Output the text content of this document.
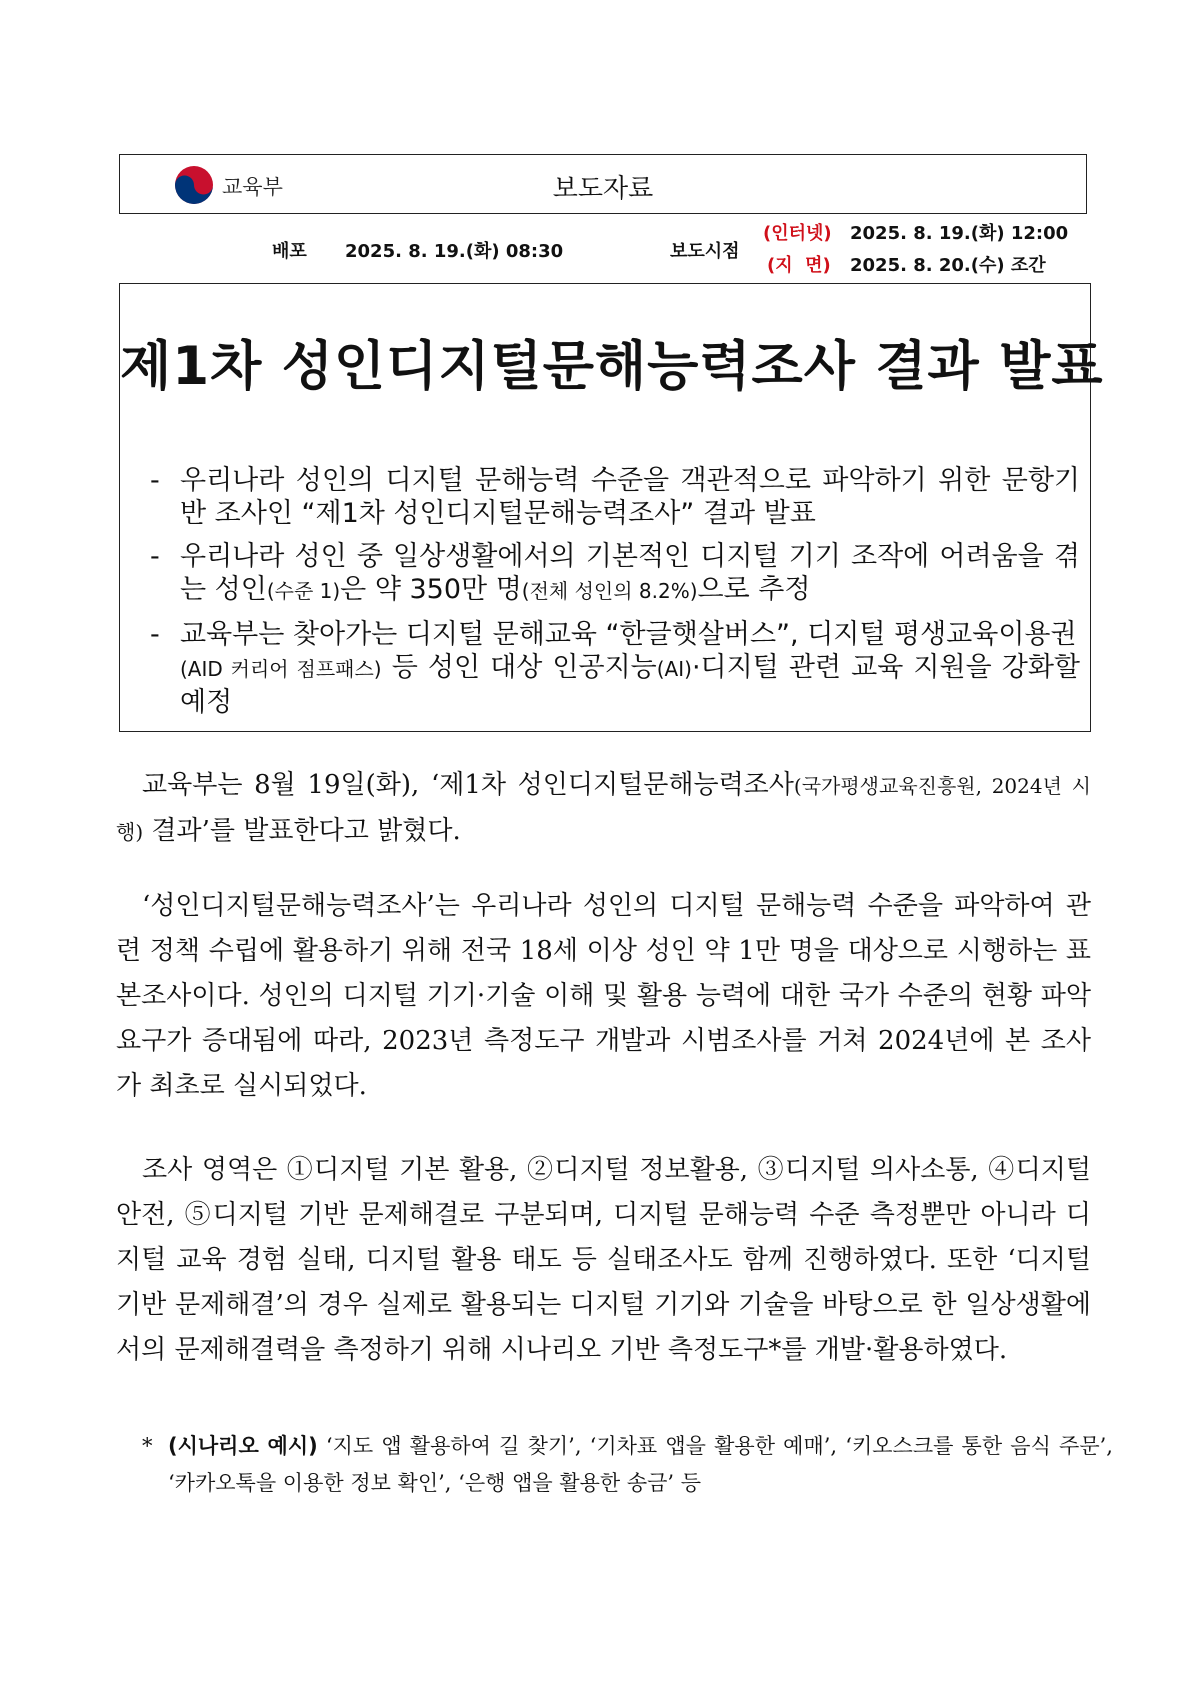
교육부	보도자료
배포 2025. 8. 19.(화) 08:30	보도시점
(인터넷) 2025. 8. 19.(화) 12:00
(지  면) 2025. 8. 20.(수) 조간
제1차 성인디지털문해능력조사 결과 발표
- 우리나라 성인의 디지털 문해능력 수준을 객관적으로 파악하기 위한 문항기반 조사인 “제1차 성인디지털문해능력조사” 결과 발표
- 우리나라 성인 중 일상생활에서의 기본적인 디지털 기기 조작에 어려움을 겪는 성인(수준 1)은 약 350만 명(전체 성인의 8.2%)으로 추정
- 교육부는 찾아가는 디지털 문해교육 “한글햇살버스”, 디지털 평생교육이용권
(AID 커리어 점프패스) 등 성인 대상 인공지능(AI)·디지털 관련 교육 지원을 강화할 예정
교육부는 8월 19일(화), ‘제1차 성인디지털문해능력조사(국가평생교육진흥원, 2024년 시행) 결과’를 발표한다고 밝혔다.
‘성인디지털문해능력조사’는 우리나라 성인의 디지털 문해능력 수준을 파악하여 관련 정책 수립에 활용하기 위해 전국 18세 이상 성인 약 1만 명을 대상으로 시행하는 표본조사이다. 성인의 디지털 기기·기술 이해 및 활용 능력에 대한 국가 수준의 현황 파악 요구가 증대됨에 따라, 2023년 측정도구 개발과 시범조사를 거쳐 2024년에 본 조사가 최초로 실시되었다.
조사 영역은 ①디지털 기본 활용, ②디지털 정보활용, ③디지털 의사소통, ④디지털 안전, ⑤디지털 기반 문제해결로 구분되며, 디지털 문해능력 수준 측정뿐만 아니라 디지털 교육 경험 실태, 디지털 활용 태도 등 실태조사도 함께 진행하였다. 또한 ‘디지털 기반 문제해결’의 경우 실제로 활용되는 디지털 기기와 기술을 바탕으로 한 일상생활에서의 문제해결력을 측정하기 위해 시나리오 기반 측정도구*를 개발·활용하였다.
* (시나리오 예시) ‘지도 앱 활용하여 길 찾기’, ‘기차표 앱을 활용한 예매’, ‘키오스크를 통한 음식 주문’, ‘카카오톡을 이용한 정보 확인’, ‘은행 앱을 활용한 송금’ 등
